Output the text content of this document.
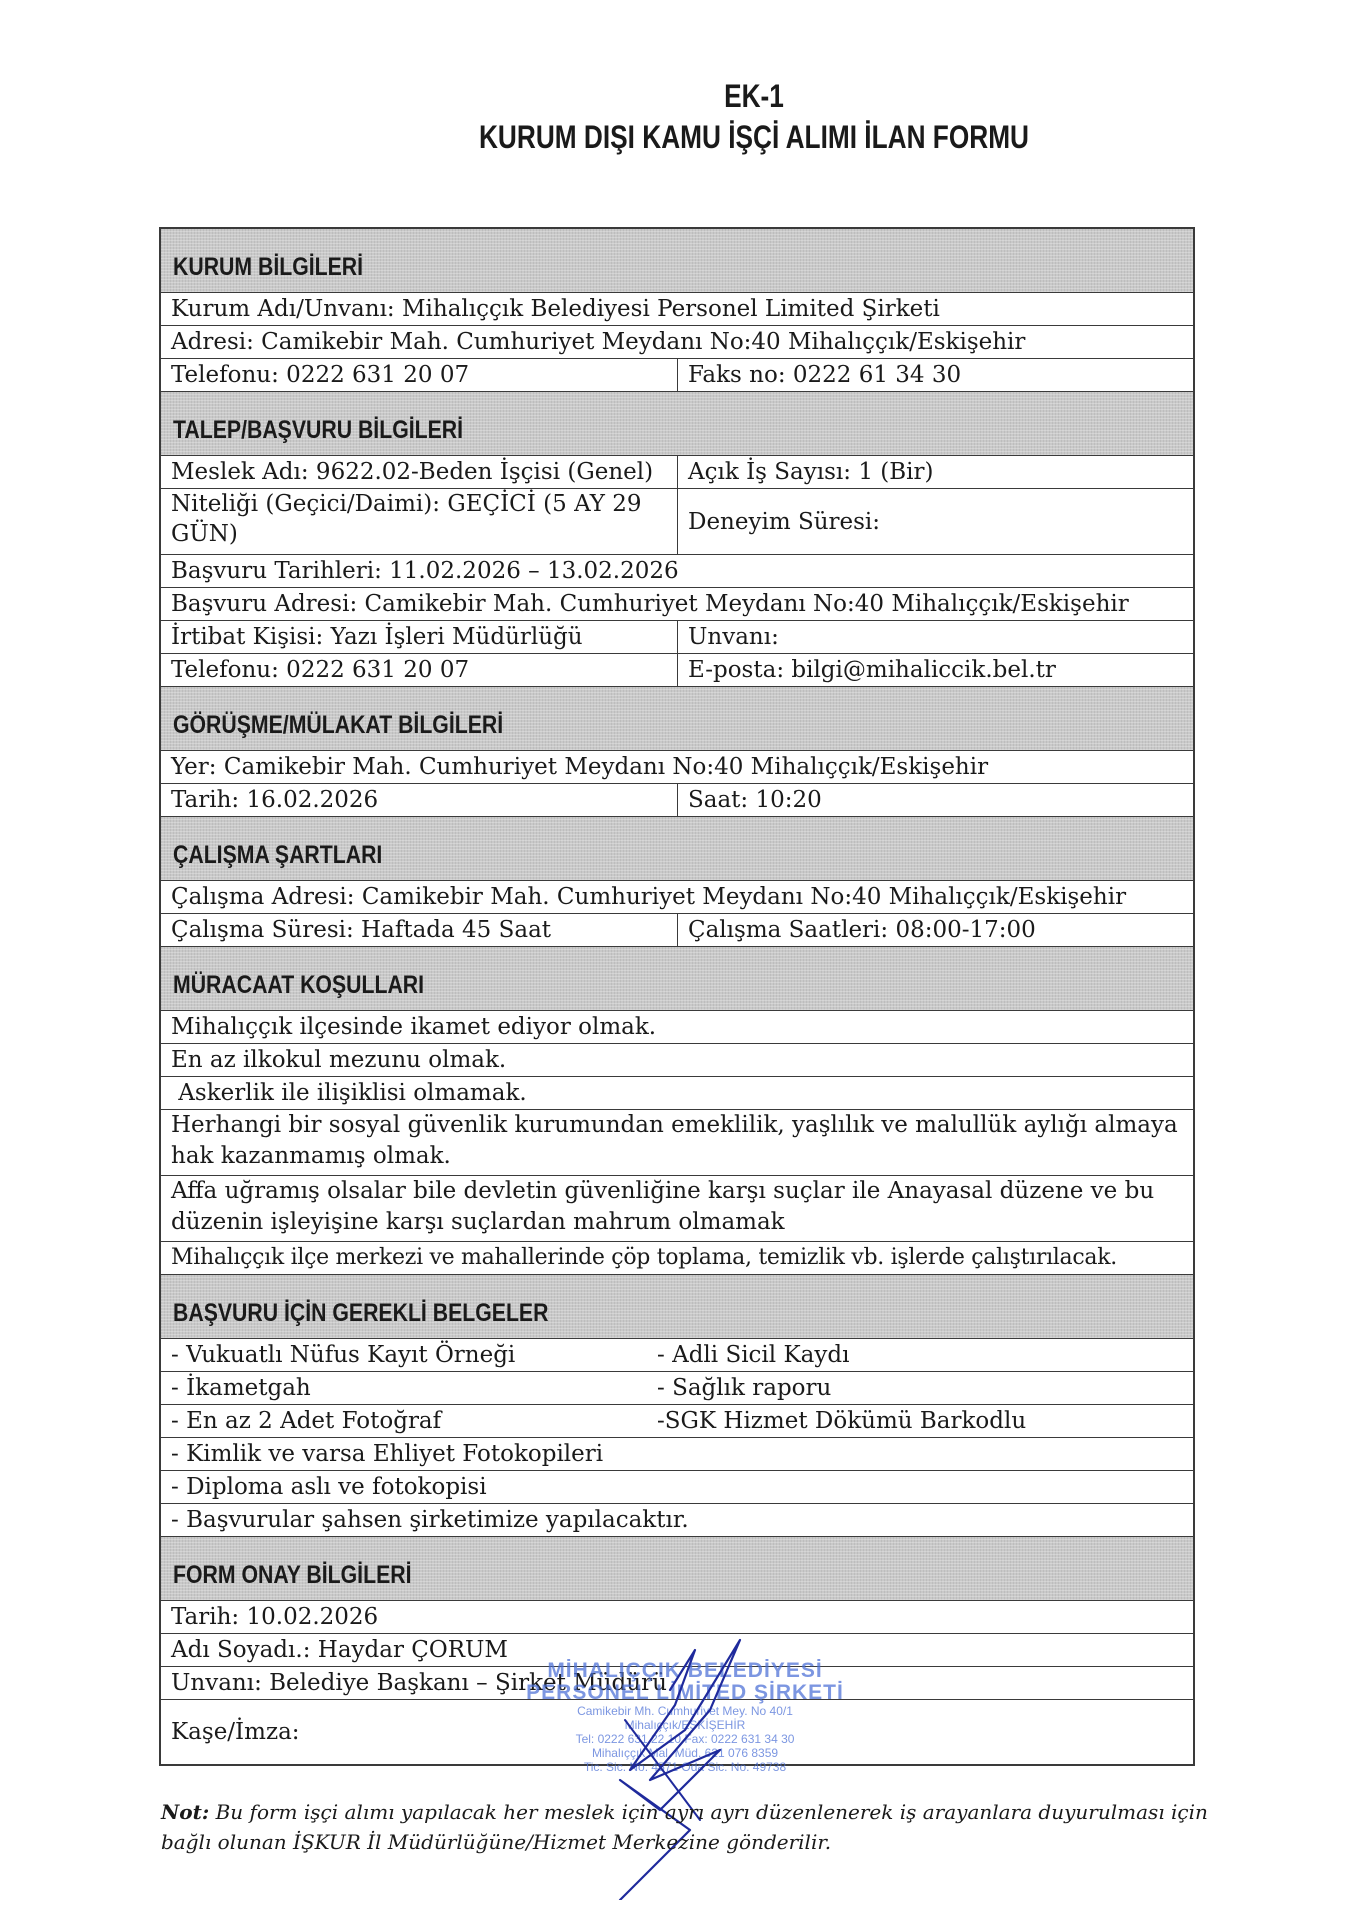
EK-1
KURUM DIŞI KAMU İŞÇİ ALIMI İLAN FORMU
KURUM BİLGİLERİ
Kurum Adı/Unvanı: Mihalıççık Belediyesi Personel Limited Şirketi
Adresi: Camikebir Mah. Cumhuriyet Meydanı No:40 Mihalıççık/Eskişehir
Telefonu: 0222 631 20 07	Faks no: 0222 61 34 30
TALEP/BAŞVURU BİLGİLERİ
Meslek Adı: 9622.02-Beden İşçisi (Genel)	Açık İş Sayısı: 1 (Bir)
Niteliği (Geçici/Daimi): GEÇİCİ (5 AY 29 GÜN)	Deneyim Süresi:
Başvuru Tarihleri: 11.02.2026 – 13.02.2026
Başvuru Adresi: Camikebir Mah. Cumhuriyet Meydanı No:40 Mihalıççık/Eskişehir
İrtibat Kişisi: Yazı İşleri Müdürlüğü	Unvanı:
Telefonu: 0222 631 20 07	E-posta: bilgi@mihaliccik.bel.tr
GÖRÜŞME/MÜLAKAT BİLGİLERİ
Yer: Camikebir Mah. Cumhuriyet Meydanı No:40 Mihalıççık/Eskişehir
Tarih: 16.02.2026	Saat: 10:20
ÇALIŞMA ŞARTLARI
Çalışma Adresi: Camikebir Mah. Cumhuriyet Meydanı No:40 Mihalıççık/Eskişehir
Çalışma Süresi: Haftada 45 Saat	Çalışma Saatleri: 08:00-17:00
MÜRACAAT KOŞULLARI
Mihalıççık ilçesinde ikamet ediyor olmak.
En az ilkokul mezunu olmak.
Askerlik ile ilişiklisi olmamak.
Herhangi bir sosyal güvenlik kurumundan emeklilik, yaşlılık ve malullük aylığı almaya hak kazanmamış olmak.
Affa uğramış olsalar bile devletin güvenliğine karşı suçlar ile Anayasal düzene ve bu düzenin işleyişine karşı suçlardan mahrum olmamak
Mihalıççık ilçe merkezi ve mahallerinde çöp toplama, temizlik vb. işlerde çalıştırılacak.
BAŞVURU İÇİN GEREKLİ BELGELER
- Vukuatlı Nüfus Kayıt Örneği	- Adli Sicil Kaydı
- İkametgah	- Sağlık raporu
- En az 2 Adet Fotoğraf	-SGK Hizmet Dökümü Barkodlu
- Kimlik ve varsa Ehliyet Fotokopileri
- Diploma aslı ve fotokopisi
- Başvurular şahsen şirketimize yapılacaktır.
FORM ONAY BİLGİLERİ
Tarih: 10.02.2026
Adı Soyadı.: Haydar ÇORUM
Unvanı: Belediye Başkanı – Şirket Müdürü
Kaşe/İmza:
MİHALIÇÇIK BELEDİYESİ
PERSONEL LİMİTED ŞİRKETİ
Camikebir Mh. Cumhuriyet Mey. No 40/1
Mihalıççık/ESKİŞEHİR
Tel: 0222 631 22 10 Fax: 0222 631 34 30
Mihalıççık Mal. Müd. 621 076 8359
Tic. Sic. No. 4571 Oda Sic. No. 49738
Not: Bu form işçi alımı yapılacak her meslek için ayrı ayrı düzenlenerek iş arayanlara duyurulması için bağlı olunan İŞKUR İl Müdürlüğüne/Hizmet Merkezine gönderilir.
